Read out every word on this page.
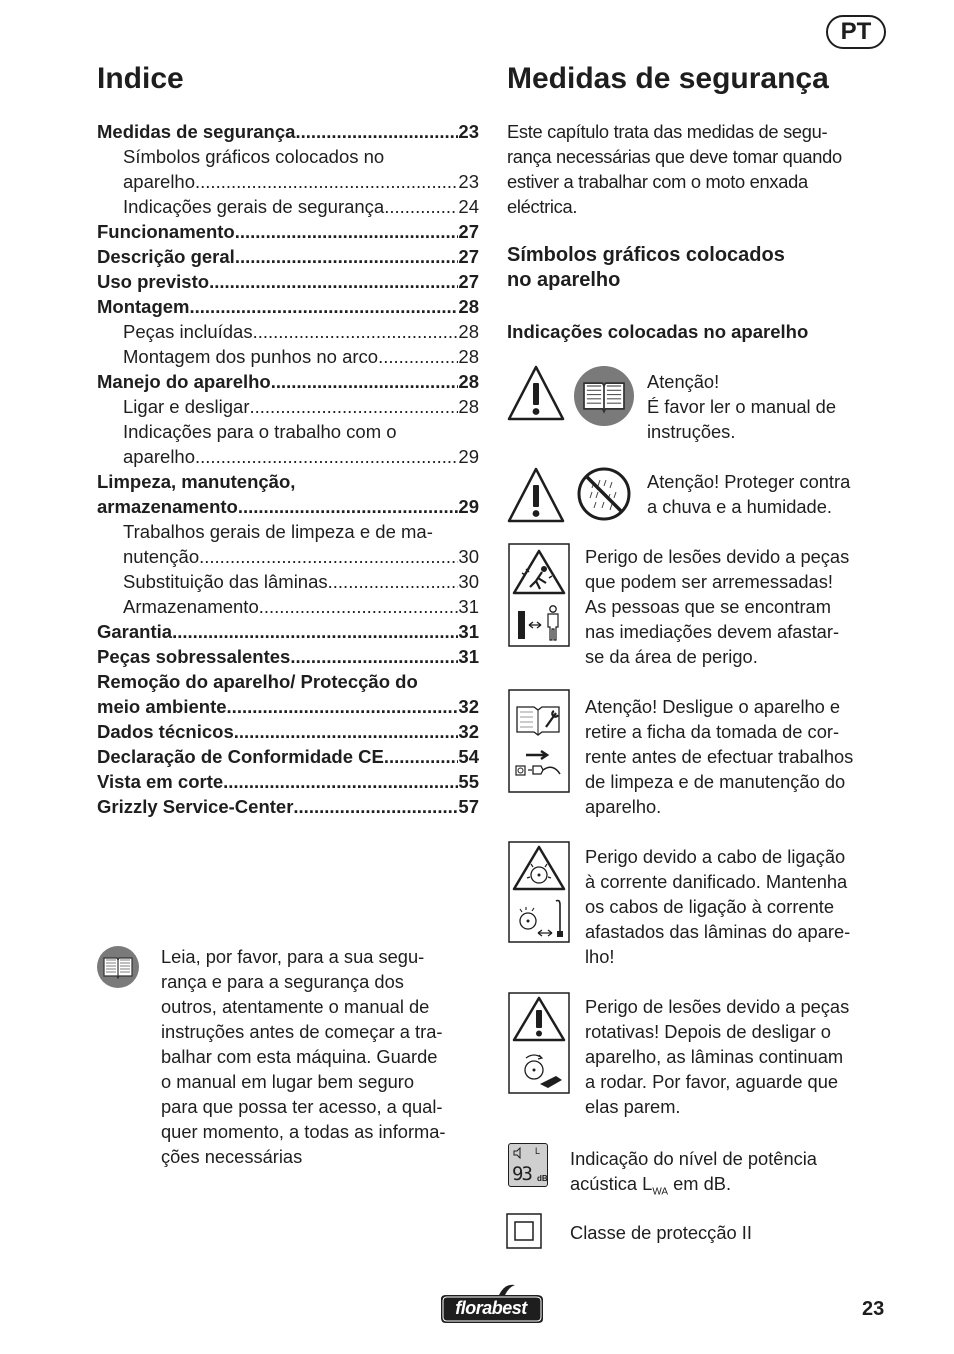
PT
Indice	Medidas de segurança
Medidas de segurança .....	23
Símbolos gráficos colocados no
aparelho .....	23
Indicações gerais de segurança .....	24
Funcionamento .....	27
Descrição geral .....	27
Uso previsto .....	27
Montagem .....	28
Peças incluídas .....	28
Montagem dos punhos no arco .....	28
Manejo do aparelho .....	28
Ligar e desligar .....	28
Indicações para o trabalho com o
aparelho .....	29
Limpeza, manutenção,
armazenamento .....	29
Trabalhos gerais de limpeza e de ma-
nutenção .....	30
Substituição das lâminas .....	30
Armazenamento .....	31
Garantia .....	31
Peças sobressalentes .....	31
Remoção do aparelho/ Protecção do
meio ambiente .....	32
Dados técnicos .....	32
Declaração de Conformidade CE .....	54
Vista em corte .....	55
Grizzly Service-Center .....	57
Leia, por favor, para a sua segu-
rança e para a segurança dos
outros, atentamente o manual de
instruções antes de começar a tra-
balhar com esta máquina. Guarde
o manual em lugar bem seguro
para que possa ter acesso, a qual-
quer momento, a todas as informa-
ções necessárias
Este capítulo trata das medidas de segu-
rança necessárias que deve tomar quando
estiver a trabalhar com o moto enxada
eléctrica.
Símbolos gráficos colocados
no aparelho
Indicações colocadas no aparelho
Atenção!
É favor ler o manual de
instruções.
Atenção! Proteger contra
a chuva e a humidade.
Perigo de lesões devido a peças
que podem ser arremessadas!
As pessoas que se encontram
nas imediações devem afastar-
se da área de perigo.
Atenção! Desligue o aparelho e
retire a ficha da tomada de cor-
rente antes de efectuar trabalhos
de limpeza e de manutenção do
aparelho.
Perigo devido a cabo de ligação
à corrente danificado. Mantenha
os cabos de ligação à corrente
afastados das lâminas do apare-
lho!
Perigo de lesões devido a peças
rotativas! Depois de desligar o
aparelho, as lâminas continuam
a rodar. Por favor, aguarde que
elas parem.
L
93 dB
Indicação do nível de potência
acústica $L_{WA}$ em dB.
Classe de protecção II
florabest	23
